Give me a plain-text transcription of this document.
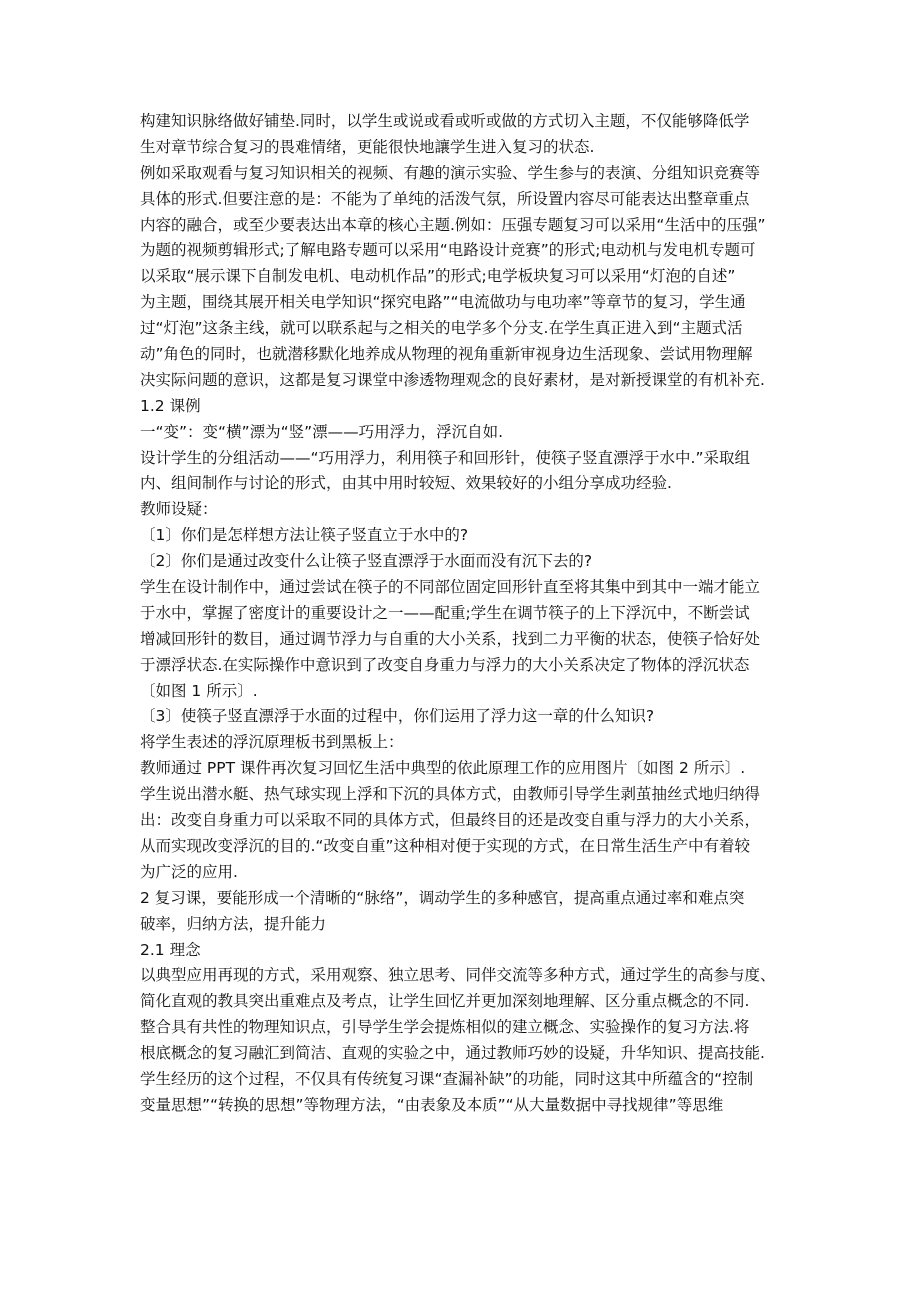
构建知识脉络做好铺垫.同时，以学生或说或看或听或做的方式切入主题，不仅能够降低学
生对章节综合复习的畏难情绪，更能很快地讓学生进入复习的状态.
例如采取观看与复习知识相关的视频、有趣的演示实验、学生参与的表演、分组知识竞赛等
具体的形式.但要注意的是：不能为了单纯的活泼气氛，所设置内容尽可能表达出整章重点
内容的融合，或至少要表达出本章的核心主题.例如：压强专题复习可以采用“生活中的压强”
为题的视频剪辑形式;了解电路专题可以采用“电路设计竞赛”的形式;电动机与发电机专题可
以采取“展示课下自制发电机、电动机作品”的形式;电学板块复习可以采用“灯泡的自述”
为主题，围绕其展开相关电学知识“探究电路”“电流做功与电功率”等章节的复习，学生通
过“灯泡”这条主线，就可以联系起与之相关的电学多个分支.在学生真正进入到“主题式活
动”角色的同时，也就潜移默化地养成从物理的视角重新审视身边生活现象、尝试用物理解
决实际问题的意识，这都是复习课堂中渗透物理观念的良好素材，是对新授课堂的有机补充.
1.2 课例
一“变”：变“横”漂为“竖”漂——巧用浮力，浮沉自如.
设计学生的分组活动——“巧用浮力，利用筷子和回形针，使筷子竖直漂浮于水中.”采取组
内、组间制作与讨论的形式，由其中用时较短、效果较好的小组分享成功经验.
教师设疑：
〔1〕你们是怎样想方法让筷子竖直立于水中的?
〔2〕你们是通过改变什么让筷子竖直漂浮于水面而没有沉下去的?
学生在设计制作中，通过尝试在筷子的不同部位固定回形针直至将其集中到其中一端才能立
于水中，掌握了密度计的重要设计之一——配重;学生在调节筷子的上下浮沉中，不断尝试
增减回形针的数目，通过调节浮力与自重的大小关系，找到二力平衡的状态，使筷子恰好处
于漂浮状态.在实际操作中意识到了改变自身重力与浮力的大小关系决定了物体的浮沉状态
〔如图 1 所示〕.
〔3〕使筷子竖直漂浮于水面的过程中，你们运用了浮力这一章的什么知识?
将学生表述的浮沉原理板书到黑板上：
教师通过 PPT 课件再次复习回忆生活中典型的依此原理工作的应用图片〔如图 2 所示〕.
学生说出潜水艇、热气球实现上浮和下沉的具体方式，由教师引导学生剥茧抽丝式地归纳得
出：改变自身重力可以采取不同的具体方式，但最终目的还是改变自重与浮力的大小关系，
从而实现改变浮沉的目的.“改变自重”这种相对便于实现的方式，在日常生活生产中有着较
为广泛的应用.
2 复习课，要能形成一个清晰的“脉络”，调动学生的多种感官，提高重点通过率和难点突
破率，归纳方法，提升能力
2.1 理念
以典型应用再现的方式，采用观察、独立思考、同伴交流等多种方式，通过学生的高参与度、
简化直观的教具突出重难点及考点，让学生回忆并更加深刻地理解、区分重点概念的不同.
整合具有共性的物理知识点，引导学生学会提炼相似的建立概念、实验操作的复习方法.将
根底概念的复习融汇到简洁、直观的实验之中，通过教师巧妙的设疑，升华知识、提高技能.
学生经历的这个过程，不仅具有传统复习课“查漏补缺”的功能，同时这其中所蕴含的“控制
变量思想”“转换的思想”等物理方法，“由表象及本质”“从大量数据中寻找规律”等思维
